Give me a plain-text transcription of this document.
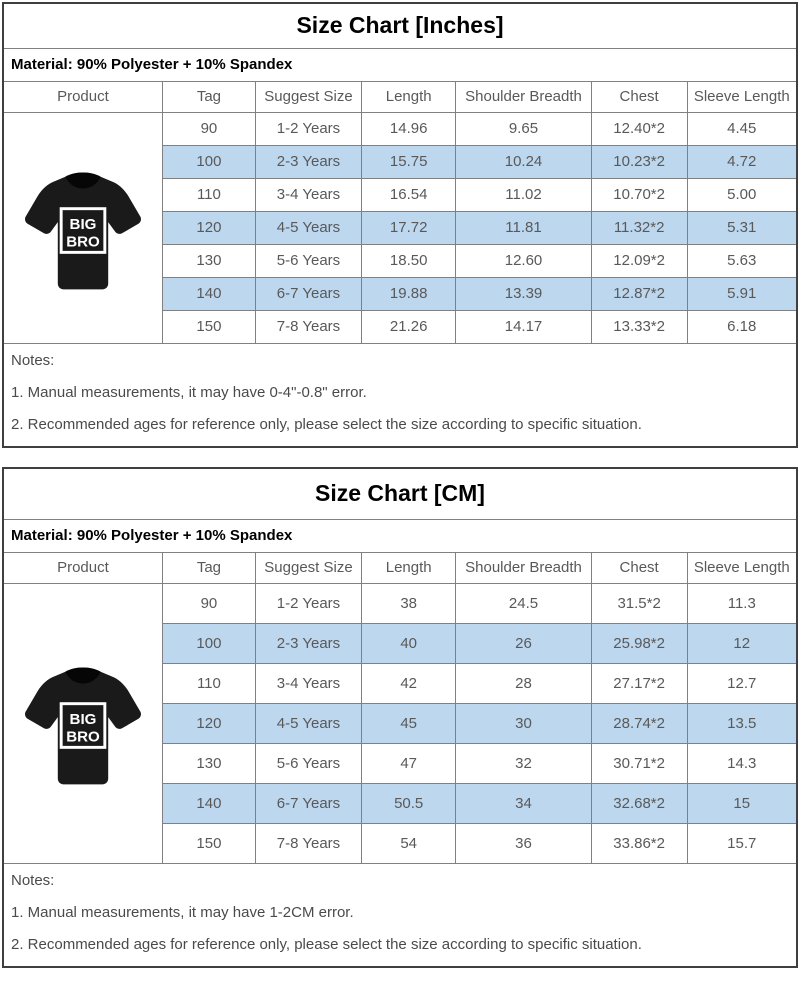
Size Chart [Inches]
Material: 90% Polyester + 10% Spandex
Product	Tag	Suggest Size	Length	Shoulder Breadth	Chest	Sleeve Length

BIG
BRO	90	1-2 Years	14.96	9.65	12.40*2	4.45
	100	2-3 Years	15.75	10.24	10.23*2	4.72
	110	3-4 Years	16.54	11.02	10.70*2	5.00
	120	4-5 Years	17.72	11.81	11.32*2	5.31
	130	5-6 Years	18.50	12.60	12.09*2	5.63
	140	6-7 Years	19.88	13.39	12.87*2	5.91
	150	7-8 Years	21.26	14.17	13.33*2	6.18

Notes:

1. Manual measurements, it may have 0-4"-0.8" error.

2. Recommended ages for reference only, please select the size according to specific situation.

Size Chart [CM]
Material: 90% Polyester + 10% Spandex
Product	Tag	Suggest Size	Length	Shoulder Breadth	Chest	Sleeve Length

BIG
BRO	90	1-2 Years	38	24.5	31.5*2	11.3
	100	2-3 Years	40	26	25.98*2	12
	110	3-4 Years	42	28	27.17*2	12.7
	120	4-5 Years	45	30	28.74*2	13.5
	130	5-6 Years	47	32	30.71*2	14.3
	140	6-7 Years	50.5	34	32.68*2	15
	150	7-8 Years	54	36	33.86*2	15.7

Notes:

1. Manual measurements, it may have 1-2CM error.

2. Recommended ages for reference only, please select the size according to specific situation.
